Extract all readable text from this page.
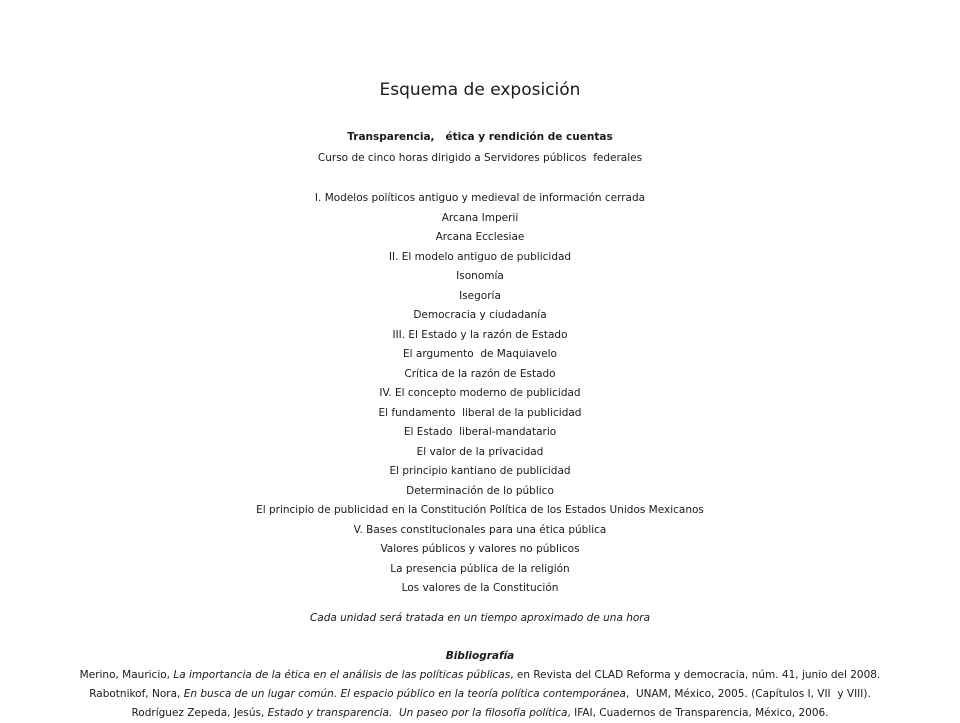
Esquema de exposición
Transparencia,   ética y rendición de cuentas
Curso de cinco horas dirigido a Servidores públicos  federales
I. Modelos políticos antiguo y medieval de información cerrada
Arcana Imperii
Arcana Ecclesiae
II. El modelo antiguo de publicidad
Isonomía
Isegoría
Democracia y ciudadanía
III. El Estado y la razón de Estado
El argumento  de Maquiavelo
Crítica de la razón de Estado
IV. El concepto moderno de publicidad
El fundamento  liberal de la publicidad
El Estado  liberal-mandatario
El valor de la privacidad
El principio kantiano de publicidad
Determinación de lo público
El principio de publicidad en la Constitución Política de los Estados Unidos Mexicanos
V. Bases constitucionales para una ética pública
Valores públicos y valores no públicos
La presencia pública de la religión
Los valores de la Constitución
Cada unidad será tratada en un tiempo aproximado de una hora
Bibliografía
Merino, Mauricio, La importancia de la ética en el análisis de las políticas públicas, en Revista del CLAD Reforma y democracia, núm. 41, junio del 2008.
Rabotnikof, Nora, En busca de un lugar común. El espacio público en la teoría política contemporánea,  UNAM, México, 2005. (Capítulos I, VII  y VIII).
Rodríguez Zepeda, Jesús, Estado y transparencia.  Un paseo por la filosofía política, IFAI, Cuadernos de Transparencia, México, 2006.
